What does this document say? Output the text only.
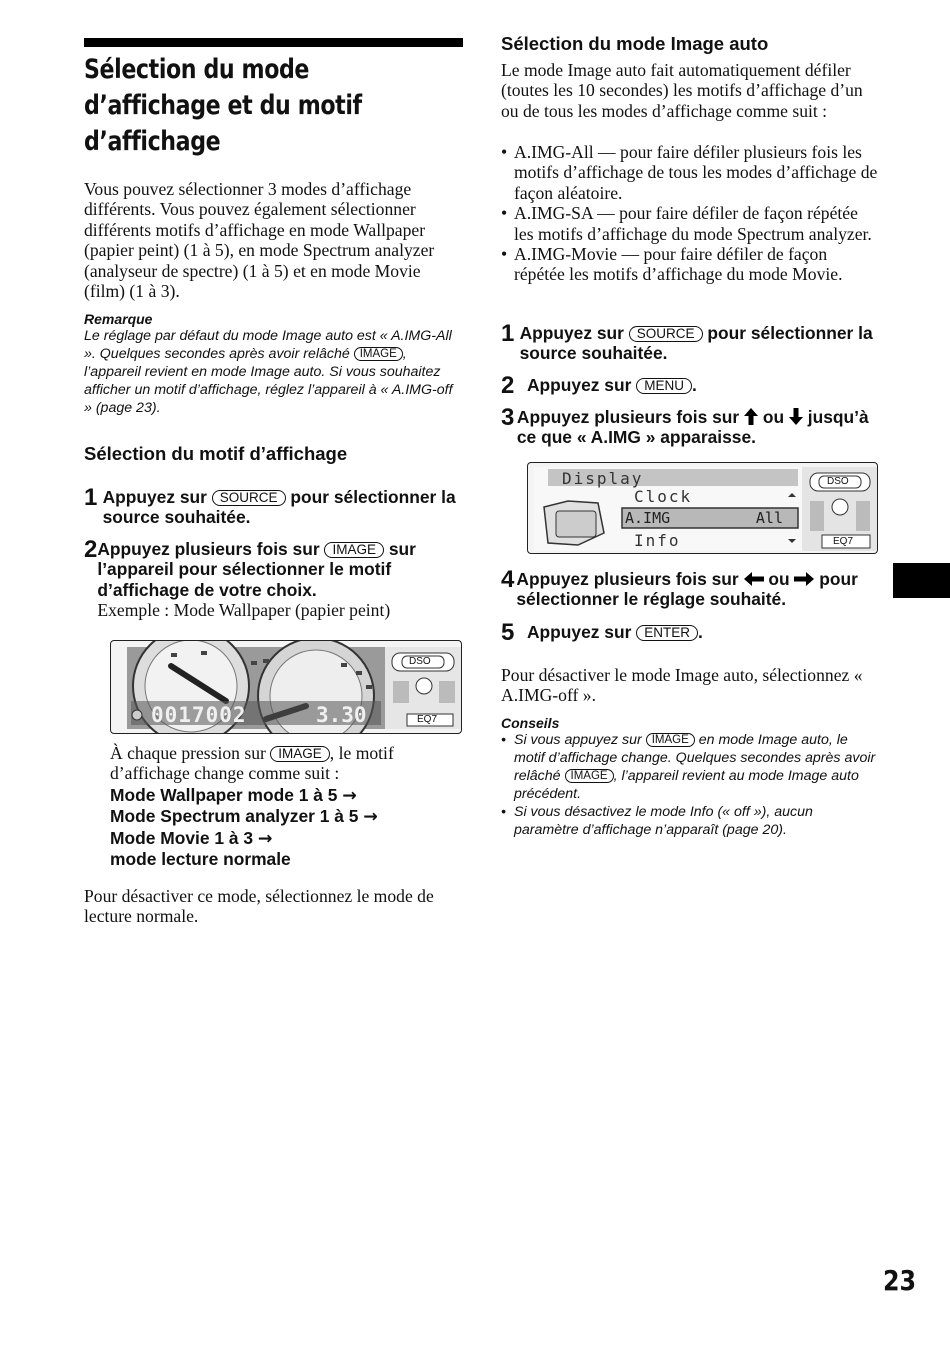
Sélection du mode
d’affichage et du motif
d’affichage
Vous pouvez sélectionner 3 modes d’affichage différents. Vous pouvez également sélectionner différents motifs d’affichage en mode Wallpaper (papier peint) (1 à 5), en mode Spectrum analyzer (analyseur de spectre) (1 à 5) et en mode Movie (film) (1 à 3).
Remarque
Le réglage par défaut du mode Image auto est « A.IMG-All ». Quelques secondes après avoir relâché IMAGE , l’appareil revient en mode Image auto. Si vous souhaitez afficher un motif d’affichage, réglez l’appareil à « A.IMG-off » (page 23).
Sélection du motif d’affichage
1 Appuyez sur SOURCE pour sélectionner la source souhaitée.
2 Appuyez plusieurs fois sur IMAGE sur l’appareil pour sélectionner le motif d’affichage de votre choix.
Exemple : Mode Wallpaper (papier peint)
0017002	3.30
DSO
EQ7
À chaque pression sur IMAGE , le motif d’affichage change comme suit :
Mode Wallpaper mode 1 à 5 →
Mode Spectrum analyzer 1 à 5 →
Mode Movie 1 à 3 →
mode lecture normale
Pour désactiver ce mode, sélectionnez le mode de lecture normale.
Sélection du mode Image auto
Le mode Image auto fait automatiquement défiler (toutes les 10 secondes) les motifs d’affichage d’un ou de tous les modes d’affichage comme suit :
• A.IMG-All — pour faire défiler plusieurs fois les motifs d’affichage de tous les modes d’affichage de façon aléatoire.
• A.IMG-SA — pour faire défiler de façon répétée les motifs d’affichage du mode Spectrum analyzer.
• A.IMG-Movie — pour faire défiler de façon répétée les motifs d’affichage du mode Movie.
1 Appuyez sur SOURCE pour sélectionner la source souhaitée.
2 Appuyez sur MENU .
3 Appuyez plusieurs fois sur ou jusqu’à ce que « A.IMG » apparaisse.
Display
Clock
A.IMG	All
Info
DSO
EQ7
4 Appuyez plusieurs fois sur ou pour sélectionner le réglage souhaité.
5 Appuyez sur ENTER .
Pour désactiver le mode Image auto, sélectionnez « A.IMG-off ».
Conseils
• Si vous appuyez sur IMAGE en mode Image auto, le motif d’affichage change. Quelques secondes après avoir relâché IMAGE , l’appareil revient au mode Image auto précédent.
• Si vous désactivez le mode Info (« off »), aucun paramètre d’affichage n’apparaît (page 20).
23
